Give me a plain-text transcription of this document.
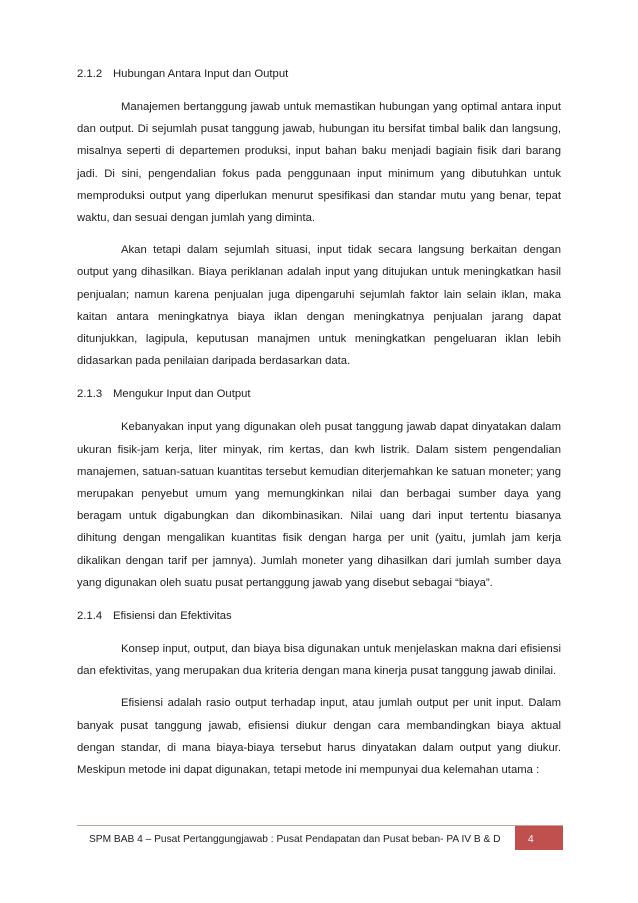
2.1.2 Hubungan Antara Input dan Output

Manajemen bertanggung jawab untuk memastikan hubungan yang optimal antara input dan output. Di sejumlah pusat tanggung jawab, hubungan itu bersifat timbal balik dan langsung, misalnya seperti di departemen produksi, input bahan baku menjadi bagiain fisik dari barang jadi. Di sini, pengendalian fokus pada penggunaan input minimum yang dibutuhkan untuk memproduksi output yang diperlukan menurut spesifikasi dan standar mutu yang benar, tepat waktu, dan sesuai dengan jumlah yang diminta.

Akan tetapi dalam sejumlah situasi, input tidak secara langsung berkaitan dengan output yang dihasilkan. Biaya periklanan adalah input yang ditujukan untuk meningkatkan hasil penjualan; namun karena penjualan juga dipengaruhi sejumlah faktor lain selain iklan, maka kaitan antara meningkatnya biaya iklan dengan meningkatnya penjualan jarang dapat ditunjukkan, lagipula, keputusan manajmen untuk meningkatkan pengeluaran iklan lebih didasarkan pada penilaian daripada berdasarkan data.

2.1.3 Mengukur Input dan Output

Kebanyakan input yang digunakan oleh pusat tanggung jawab dapat dinyatakan dalam ukuran fisik-jam kerja, liter minyak, rim kertas, dan kwh listrik. Dalam sistem pengendalian manajemen, satuan-satuan kuantitas tersebut kemudian diterjemahkan ke satuan moneter; yang merupakan penyebut umum yang memungkinkan nilai dan berbagai sumber daya yang beragam untuk digabungkan dan dikombinasikan. Nilai uang dari input tertentu biasanya dihitung dengan mengalikan kuantitas fisik dengan harga per unit (yaitu, jumlah jam kerja dikalikan dengan tarif per jamnya). Jumlah moneter yang dihasilkan dari jumlah sumber daya yang digunakan oleh suatu pusat pertanggung jawab yang disebut sebagai “biaya”.

2.1.4 Efisiensi dan Efektivitas

Konsep input, output, dan biaya bisa digunakan untuk menjelaskan makna dari efisiensi dan efektivitas, yang merupakan dua kriteria dengan mana kinerja pusat tanggung jawab dinilai.

Efisiensi adalah rasio output terhadap input, atau jumlah output per unit input. Dalam banyak pusat tanggung jawab, efisiensi diukur dengan cara membandingkan biaya aktual dengan standar, di mana biaya-biaya tersebut harus dinyatakan dalam output yang diukur. Meskipun metode ini dapat digunakan, tetapi metode ini mempunyai dua kelemahan utama :

SPM BAB 4 – Pusat Pertanggungjawab : Pusat Pendapatan dan Pusat beban- PA IV B & D	4
